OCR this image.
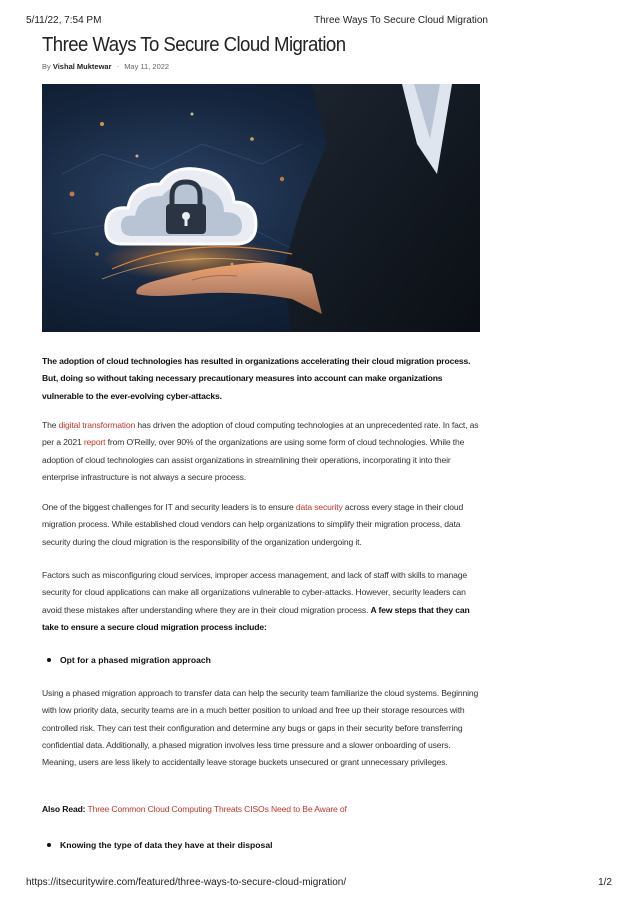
5/11/22, 7:54 PM	Three Ways To Secure Cloud Migration
Three Ways To Secure Cloud Migration
By Vishal Muktewar - May 11, 2022

The adoption of cloud technologies has resulted in organizations accelerating their cloud migration process. But, doing so without taking necessary precautionary measures into account can make organizations vulnerable to the ever-evolving cyber-attacks.

The digital transformation has driven the adoption of cloud computing technologies at an unprecedented rate. In fact, as per a 2021 report from O'Reilly, over 90% of the organizations are using some form of cloud technologies. While the adoption of cloud technologies can assist organizations in streamlining their operations, incorporating it into their enterprise infrastructure is not always a secure process.

One of the biggest challenges for IT and security leaders is to ensure data security across every stage in their cloud migration process. While established cloud vendors can help organizations to simplify their migration process, data security during the cloud migration is the responsibility of the organization undergoing it.

Factors such as misconfiguring cloud services, improper access management, and lack of staff with skills to manage security for cloud applications can make all organizations vulnerable to cyber-attacks. However, security leaders can avoid these mistakes after understanding where they are in their cloud migration process. A few steps that they can take to ensure a secure cloud migration process include:

Opt for a phased migration approach

Using a phased migration approach to transfer data can help the security team familiarize the cloud systems. Beginning with low priority data, security teams are in a much better position to unload and free up their storage resources with controlled risk. They can test their configuration and determine any bugs or gaps in their security before transferring confidential data. Additionally, a phased migration involves less time pressure and a slower onboarding of users. Meaning, users are less likely to accidentally leave storage buckets unsecured or grant unnecessary privileges.

Also Read: Three Common Cloud Computing Threats CISOs Need to Be Aware of

Knowing the type of data they have at their disposal
https://itsecuritywire.com/featured/three-ways-to-secure-cloud-migration/	1/2
